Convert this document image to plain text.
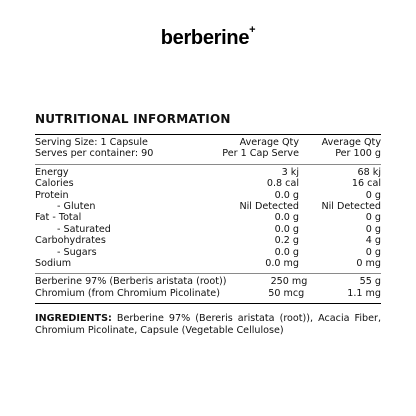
berberine+
NUTRITIONAL INFORMATION
Serving Size: 1 Capsule	Average Qty	Average Qty
Serves per container: 90	Per 1 Cap Serve	Per 100 g
Energy	3 kj	68 kj
Calories	0.8 cal	16 cal
Protein	0.0 g	0 g
- Gluten	Nil Detected	Nil Detected
Fat - Total	0.0 g	0 g
- Saturated	0.0 g	0 g
Carbohydrates	0.2 g	4 g
- Sugars	0.0 g	0 g
Sodium	0.0 mg	0 mg
Berberine 97% (Berberis aristata (root))	250 mg	55 g
Chromium (from Chromium Picolinate)	50 mcg	1.1 mg
INGREDIENTS: Berberine 97% (Bereris aristata (root)), Acacia Fiber, Chromium Picolinate, Capsule (Vegetable Cellulose)
